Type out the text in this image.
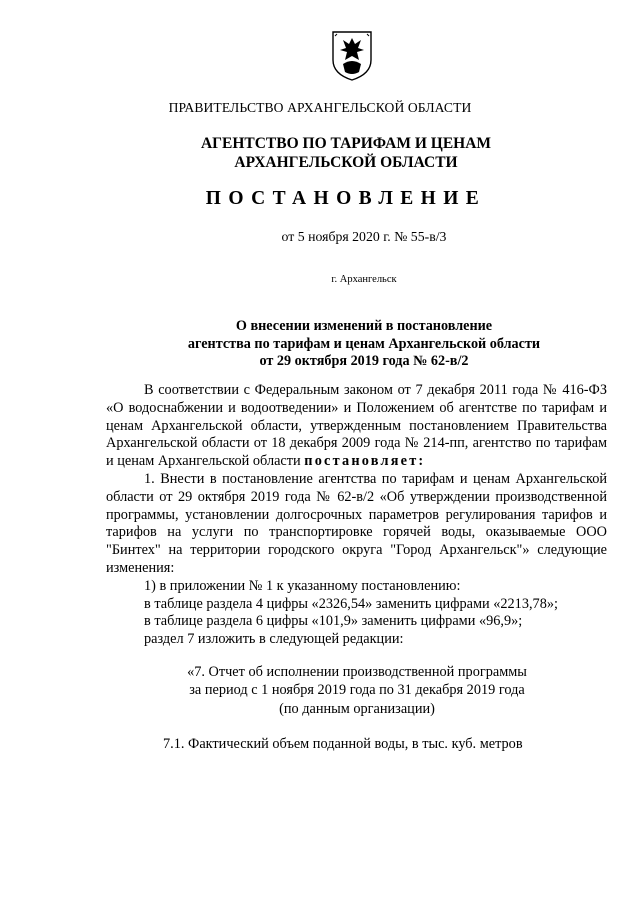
ПРАВИТЕЛЬСТВО АРХАНГЕЛЬСКОЙ ОБЛАСТИ
АГЕНТСТВО ПО ТАРИФАМ И ЦЕНАМ
АРХАНГЕЛЬСКОЙ ОБЛАСТИ
ПОСТАНОВЛЕНИЕ
от 5 ноября 2020 г. № 55-в/3
г. Архангельск
О внесении изменений в постановление
агентства по тарифам и ценам Архангельской области
от 29 октября 2019 года № 62-в/2

В соответствии с Федеральным законом от 7 декабря 2011 года № 416-ФЗ «О водоснабжении и водоотведении» и Положением об агентстве по тарифам и ценам Архангельской области, утвержденным постановлением Правительства Архангельской области от 18 декабря 2009 года № 214-пп, агентство по тарифам и ценам Архангельской области постановляет:

1. Внести в постановление агентства по тарифам и ценам Архангельской области от 29 октября 2019 года № 62-в/2 «Об утверждении производственной программы, установлении долгосрочных параметров регулирования тарифов и тарифов на услуги по транспортировке горячей воды, оказываемые ООО "Бинтех" на территории городского округа "Город Архангельск"» следующие изменения:

1) в приложении № 1 к указанному постановлению:

в таблице раздела 4 цифры «2326,54» заменить цифрами «2213,78»;

в таблице раздела 6 цифры «101,9» заменить цифрами «96,9»;

раздел 7 изложить в следующей редакции:

«7. Отчет об исполнении производственной программы
за период с 1 ноября 2019 года по 31 декабря 2019 года
(по данным организации)
7.1. Фактический объем поданной воды, в тыс. куб. метров
